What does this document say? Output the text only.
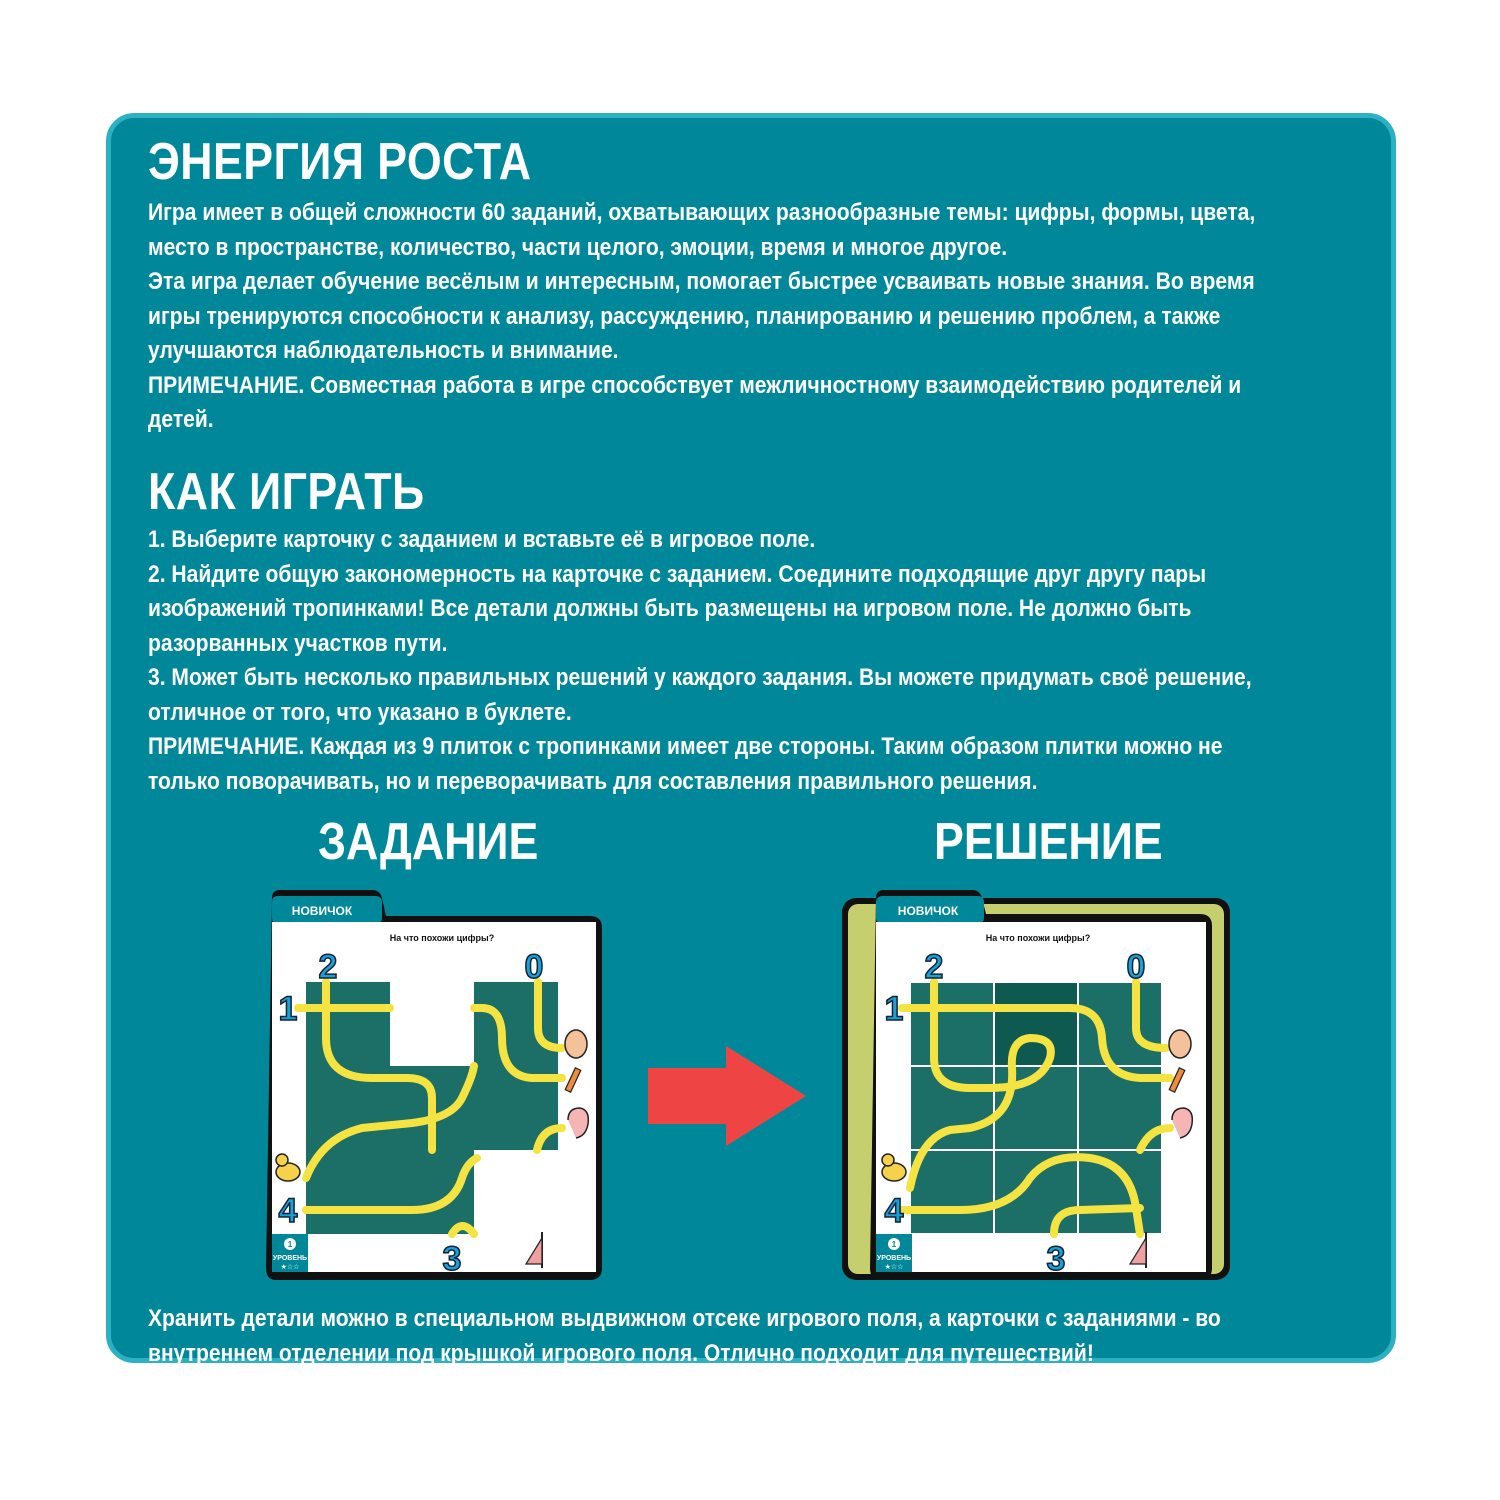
ЭНЕРГИЯ РОСТА

Игра имеет в общей сложности 60 заданий, охватывающих разнообразные темы: цифры, формы, цвета,

место в пространстве, количество, части целого, эмоции, время и многое другое.

Эта игра делает обучение весёлым и интересным, помогает быстрее усваивать новые знания. Во время

игры тренируются способности к анализу, рассуждению, планированию и решению проблем, а также

улучшаются наблюдательность и внимание.

ПРИМЕЧАНИЕ. Совместная работа в игре способствует межличностному взаимодействию родителей и

детей.

КАК ИГРАТЬ

1. Выберите карточку с заданием и вставьте её в игровое поле.

2. Найдите общую закономерность на карточке с заданием. Соедините подходящие друг другу пары

изображений тропинками! Все детали должны быть размещены на игровом поле. Не должно быть

разорванных участков пути.

3. Может быть несколько правильных решений у каждого задания. Вы можете придумать своё решение,

отличное от того, что указано в буклете.

ПРИМЕЧАНИЕ. Каждая из 9 плиток с тропинками имеет две стороны. Таким образом плитки можно не

только поворачивать, но и переворачивать для составления правильного решения.

ЗАДАНИЕ	РЕШЕНИЕ
НОВИЧОК
На что похожи цифры?
2	0
1
4
3
1
УРОВЕНЬ
★☆☆
НОВИЧОК
На что похожи цифры?
2	0
1
4
3
1
УРОВЕНЬ
★☆☆

Хранить детали можно в специальном выдвижном отсеке игрового поля, а карточки с заданиями - во

внутреннем отделении под крышкой игрового поля. Отлично подходит для путешествий!
